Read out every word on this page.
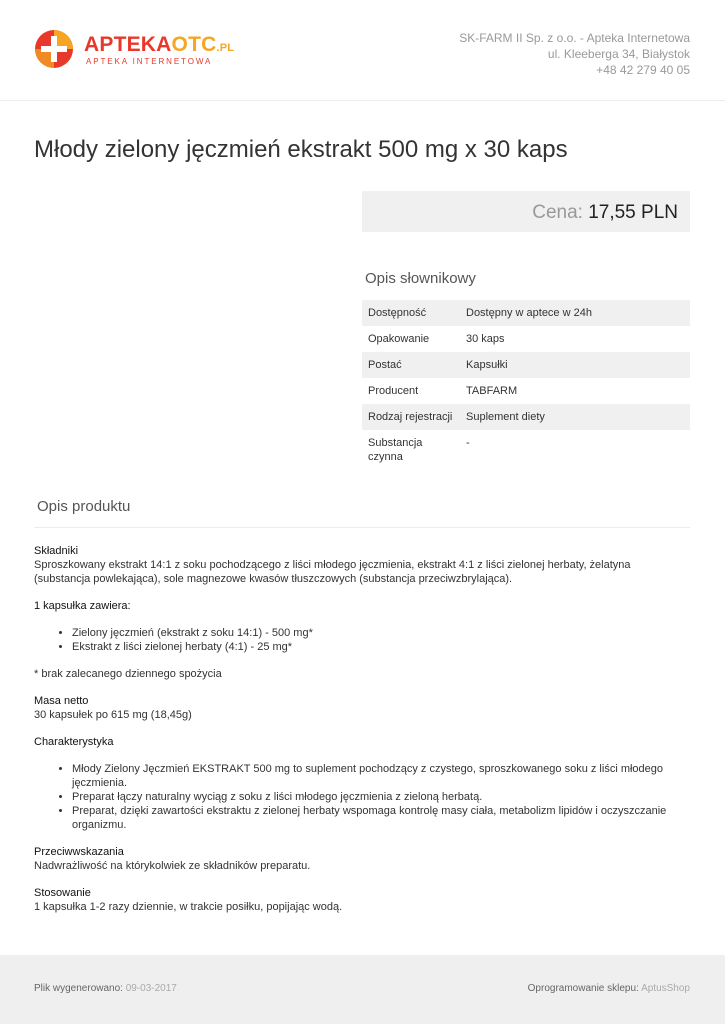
APTEKAOTC.PL
APTEKA INTERNETOWA
SK-FARM II Sp. z o.o. - Apteka Internetowa
ul. Kleeberga 34, Białystok
+48 42 279 40 05
Młody zielony jęczmień ekstrakt 500 mg x 30 kaps
Cena: 17,55 PLN
Opis słownikowy
Dostępność	Dostępny w aptece w 24h
Opakowanie	30 kaps
Postać	Kapsułki
Producent	TABFARM
Rodzaj rejestracji	Suplement diety
Substancja czynna	-
Opis produktu

Składniki

Sproszkowany ekstrakt 14:1 z soku pochodzącego z liści młodego jęczmienia, ekstrakt 4:1 z liści zielonej herbaty, żelatyna (substancja powlekająca), sole magnezowe kwasów tłuszczowych (substancja przeciwzbrylająca).

1 kapsułka zawiera:

• Zielony jęczmień (ekstrakt z soku 14:1) - 500 mg*
• Ekstrakt z liści zielonej herbaty (4:1) - 25 mg*

* brak zalecanego dziennego spożycia

Masa netto

30 kapsułek po 615 mg (18,45g)

Charakterystyka

• Młody Zielony Jęczmień EKSTRAKT 500 mg to suplement pochodzący z czystego, sproszkowanego soku z liści młodego jęczmienia.
• Preparat łączy naturalny wyciąg z soku z liści młodego jęczmienia z zieloną herbatą.
• Preparat, dzięki zawartości ekstraktu z zielonej herbaty wspomaga kontrolę masy ciała, metabolizm lipidów i oczyszczanie organizmu.

Przeciwwskazania

Nadwrażliwość na którykolwiek ze składników preparatu.

Stosowanie

1 kapsułka 1-2 razy dziennie, w trakcie posiłku, popijając wodą.

Plik wygenerowano: 09-03-2017	Oprogramowanie sklepu: AptusShop
